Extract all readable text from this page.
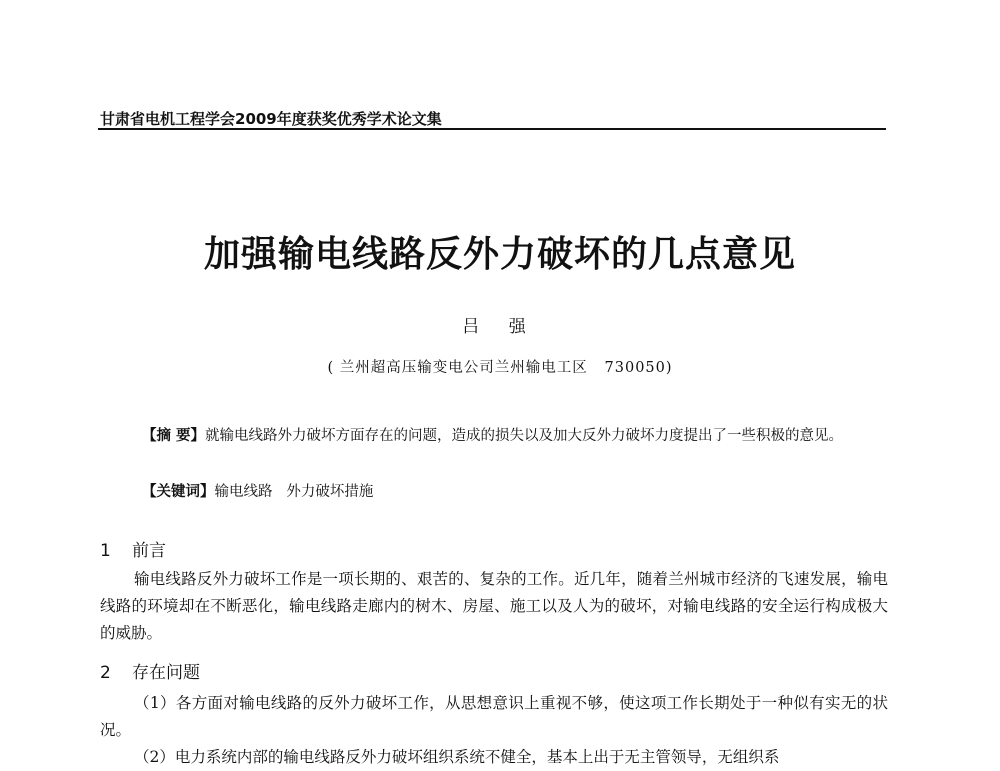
甘肃省电机工程学会2009年度获奖优秀学术论文集
加强输电线路反外力破坏的几点意见
吕 强
( 兰州超高压输变电公司兰州输电工区   730050)
【摘 要】就输电线路外力破坏方面存在的问题，造成的损失以及加大反外力破坏力度提出了一些积极的意见。
【关键词】输电线路   外力破坏措施
1 前言
输电线路反外力破坏工作是一项长期的、艰苦的、复杂的工作。近几年，随着兰州城市经济的飞速发展，输电线路的环境却在不断恶化，输电线路走廊内的树木、房屋、施工以及人为的破坏，对输电线路的安全运行构成极大的威胁。
2 存在问题
（1）各方面对输电线路的反外力破坏工作，从思想意识上重视不够，使这项工作长期处于一种似有实无的状况。
（2）电力系统内部的输电线路反外力破坏组织系统不健全，基本上出于无主管领导，无组织系
